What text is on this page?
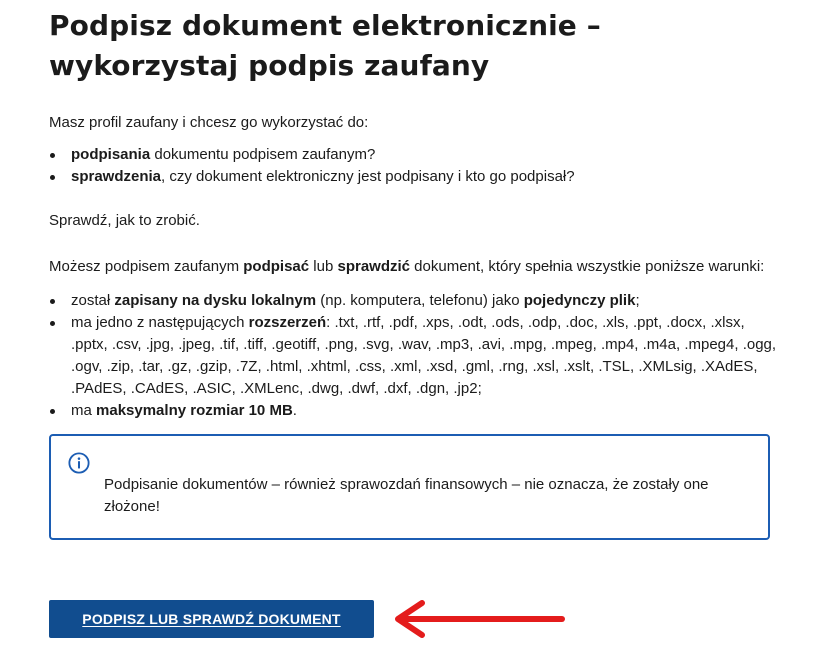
Podpisz dokument elektronicznie – wykorzystaj podpis zaufany

Masz profil zaufany i chcesz go wykorzystać do:

podpisania dokumentu podpisem zaufanym?
sprawdzenia, czy dokument elektroniczny jest podpisany i kto go podpisał?

Sprawdź, jak to zrobić.

Możesz podpisem zaufanym podpisać lub sprawdzić dokument, który spełnia wszystkie poniższe warunki:

został zapisany na dysku lokalnym (np. komputera, telefonu) jako pojedynczy plik;
ma jedno z następujących rozszerzeń: .txt, .rtf, .pdf, .xps, .odt, .ods, .odp, .doc, .xls, .ppt, .docx, .xlsx, .pptx, .csv, .jpg, .jpeg, .tif, .tiff, .geotiff, .png, .svg, .wav, .mp3, .avi, .mpg, .mpeg, .mp4, .m4a, .mpeg4, .ogg, .ogv, .zip, .tar, .gz, .gzip, .7Z, .html, .xhtml, .css, .xml, .xsd, .gml, .rng, .xsl, .xslt, .TSL, .XMLsig, .XAdES, .PAdES, .CAdES, .ASIC, .XMLenc, .dwg, .dwf, .dxf, .dgn, .jp2;
ma maksymalny rozmiar 10 MB.
Podpisanie dokumentów – również sprawozdań finansowych – nie oznacza, że zostały one złożone!
PODPISZ LUB SPRAWDŹ DOKUMENT
